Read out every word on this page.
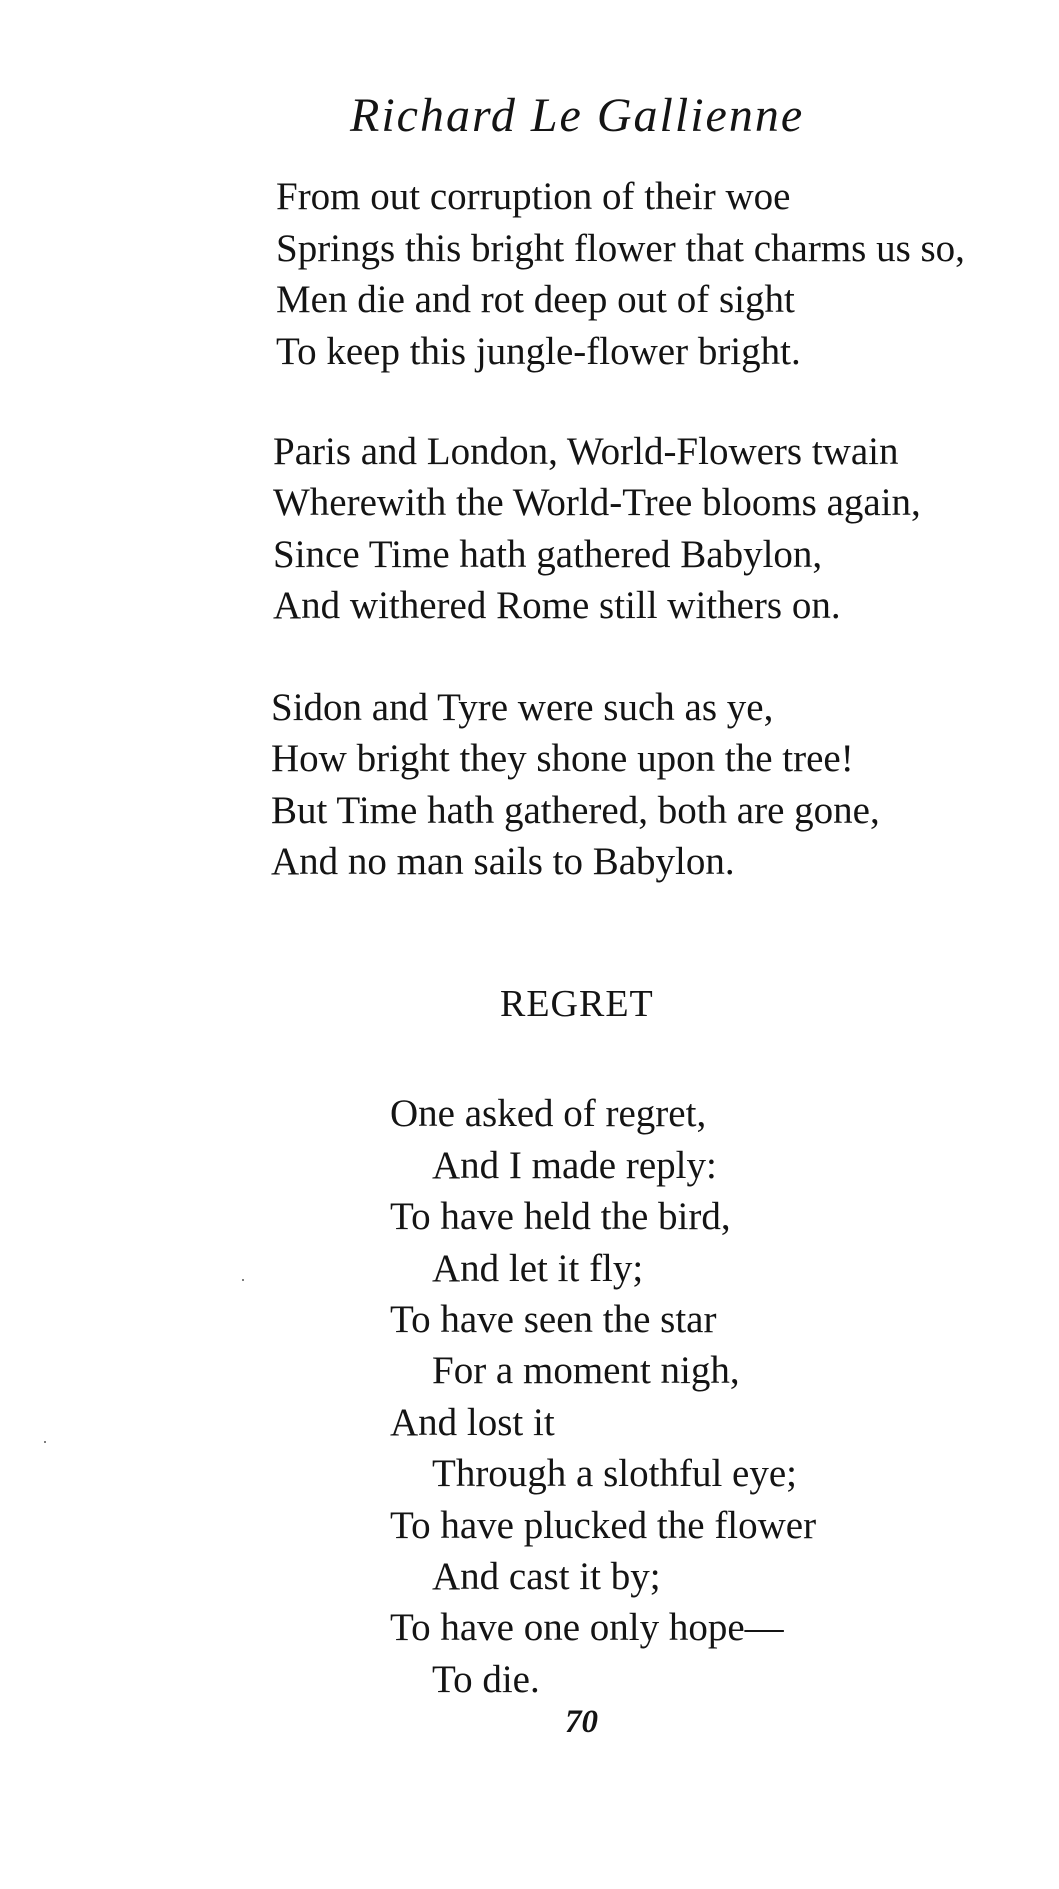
Richard Le Gallienne
From out corruption of their woe
Springs this bright flower that charms us so,
Men die and rot deep out of sight
To keep this jungle-flower bright.
Paris and London, World-Flowers twain
Wherewith the World-Tree blooms again,
Since Time hath gathered Babylon,
And withered Rome still withers on.
Sidon and Tyre were such as ye,
How bright they shone upon the tree!
But Time hath gathered, both are gone,
And no man sails to Babylon.
REGRET
One asked of regret,
And I made reply:
To have held the bird,
And let it fly;
To have seen the star
For a moment nigh,
And lost it
Through a slothful eye;
To have plucked the flower
And cast it by;
To have one only hope—
To die.
70
